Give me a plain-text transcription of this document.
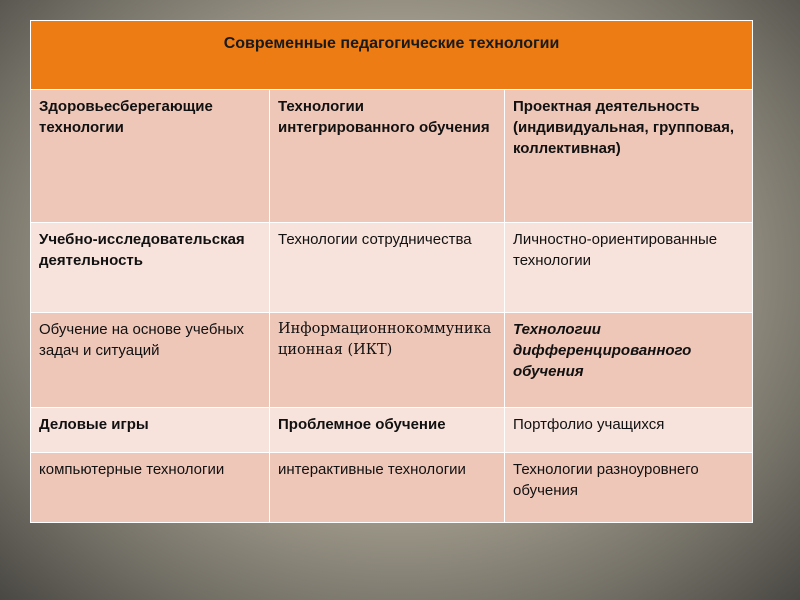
Современные педагогические технологии		
Здоровьесберегающие технологии	Технологии интегрированного обучения	Проектная деятельность (индивидуальная, групповая, коллективная)
Учебно-исследовательская деятельность	Технологии сотрудничества	Личностно-ориентированные технологии
Обучение на основе учебных задач и ситуаций	Информационнокоммуникационная (ИКТ)	Технологии дифференцированного обучения
Деловые игры	Проблемное обучение	Портфолио учащихся
компьютерные технологии	интерактивные технологии	Технологии разноуровнего обучения
